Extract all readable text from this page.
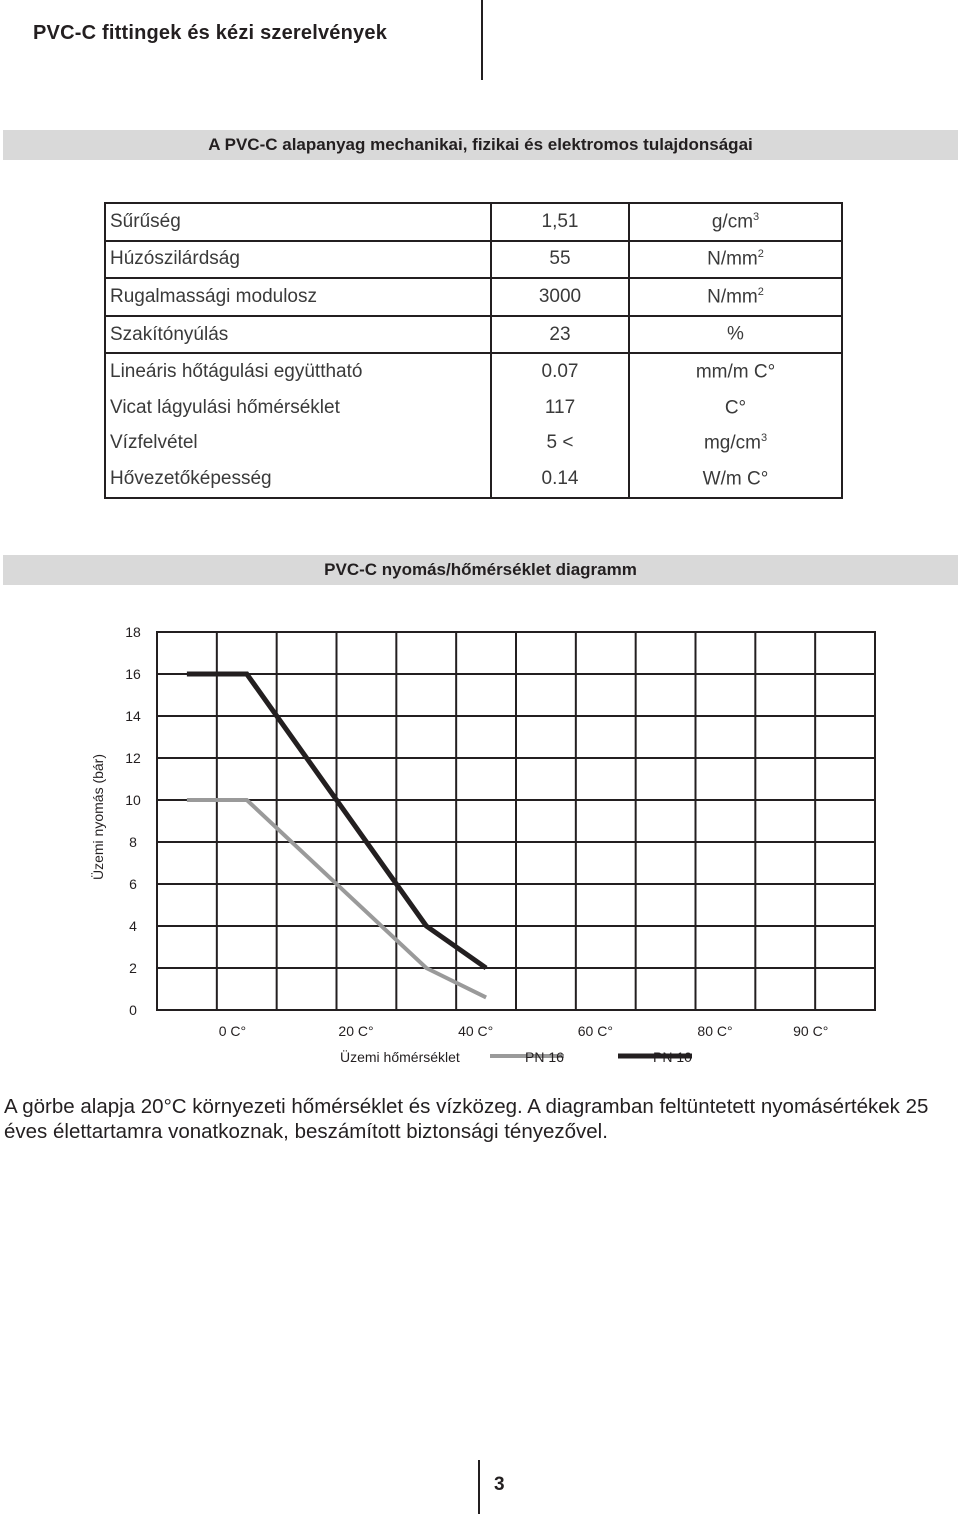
PVC-C fittingek és kézi szerelvények
A PVC-C alapanyag mechanikai, fizikai és elektromos tulajdonságai
Sűrűség	1,51	$g/cm^3$
Húzószilárdság	55	$N/mm^2$
Rugalmassági modulosz	3000	$N/mm^2$
Szakítónyúlás	23	%
Lineáris hőtágulási együttható	0.07	mm/m C°
Vicat lágyulási hőmérséklet	117	C°
Vízfelvétel	5 <	$mg/cm^3$
Hővezetőképesség	0.14	W/m C°
PVC-C nyomás/hőmérséklet diagramm
0
2
4
6
8
10
12
14
16
18
0 C°	20 C°	40 C°	60 C°	80 C°	90 C°
Üzemi nyomás (bár)
Üzemi hőmérséklet	PN 16	PN 10
A görbe alapja 20°C környezeti hőmérséklet és vízközeg. A diagramban feltüntetett nyomásértékek 25 éves élettartamra vonatkoznak, beszámított biztonsági tényezővel.
3
